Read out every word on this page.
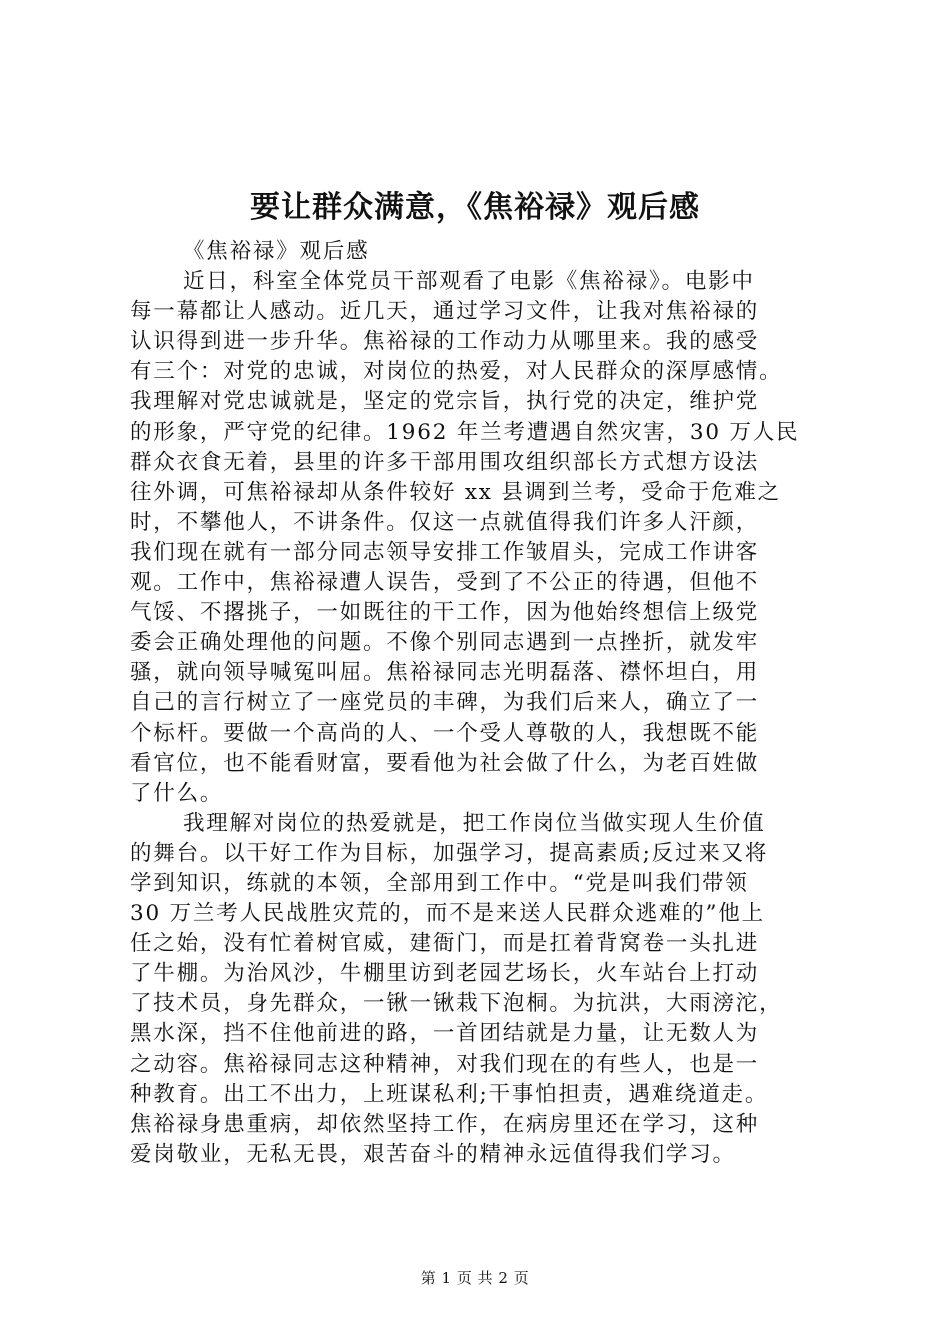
要让群众满意，《焦裕禄》观后感
《焦裕禄》观后感
近日，科室全体党员干部观看了电影《焦裕禄》。电影中
每一幕都让人感动。近几天，通过学习文件，让我对焦裕禄的
认识得到进一步升华。焦裕禄的工作动力从哪里来。我的感受
有三个：对党的忠诚，对岗位的热爱，对人民群众的深厚感情。
我理解对党忠诚就是，坚定的党宗旨，执行党的决定，维护党
的形象，严守党的纪律。1962 年兰考遭遇自然灾害，30 万人民
群众衣食无着，县里的许多干部用围攻组织部长方式想方设法
往外调，可焦裕禄却从条件较好 xx 县调到兰考，受命于危难之
时，不攀他人，不讲条件。仅这一点就值得我们许多人汗颜，
我们现在就有一部分同志领导安排工作皱眉头，完成工作讲客
观。工作中，焦裕禄遭人误告，受到了不公正的待遇，但他不
气馁、不撂挑子，一如既往的干工作，因为他始终想信上级党
委会正确处理他的问题。不像个别同志遇到一点挫折，就发牢
骚，就向领导喊冤叫屈。焦裕禄同志光明磊落、襟怀坦白，用
自己的言行树立了一座党员的丰碑，为我们后来人，确立了一
个标杆。要做一个高尚的人、一个受人尊敬的人，我想既不能
看官位，也不能看财富，要看他为社会做了什么，为老百姓做
了什么。
我理解对岗位的热爱就是，把工作岗位当做实现人生价值
的舞台。以干好工作为目标，加强学习，提高素质;反过来又将
学到知识，练就的本领，全部用到工作中。“党是叫我们带领
30 万兰考人民战胜灾荒的，而不是来送人民群众逃难的”他上
任之始，没有忙着树官威，建衙门，而是扛着背窝卷一头扎进
了牛棚。为治风沙，牛棚里访到老园艺场长，火车站台上打动
了技术员，身先群众，一锹一锹栽下泡桐。为抗洪，大雨滂沱，
黑水深，挡不住他前进的路，一首团结就是力量，让无数人为
之动容。焦裕禄同志这种精神，对我们现在的有些人，也是一
种教育。出工不出力，上班谋私利;干事怕担责，遇难绕道走。
焦裕禄身患重病，却依然坚持工作，在病房里还在学习，这种
爱岗敬业，无私无畏，艰苦奋斗的精神永远值得我们学习。
第 1 页 共 2 页
